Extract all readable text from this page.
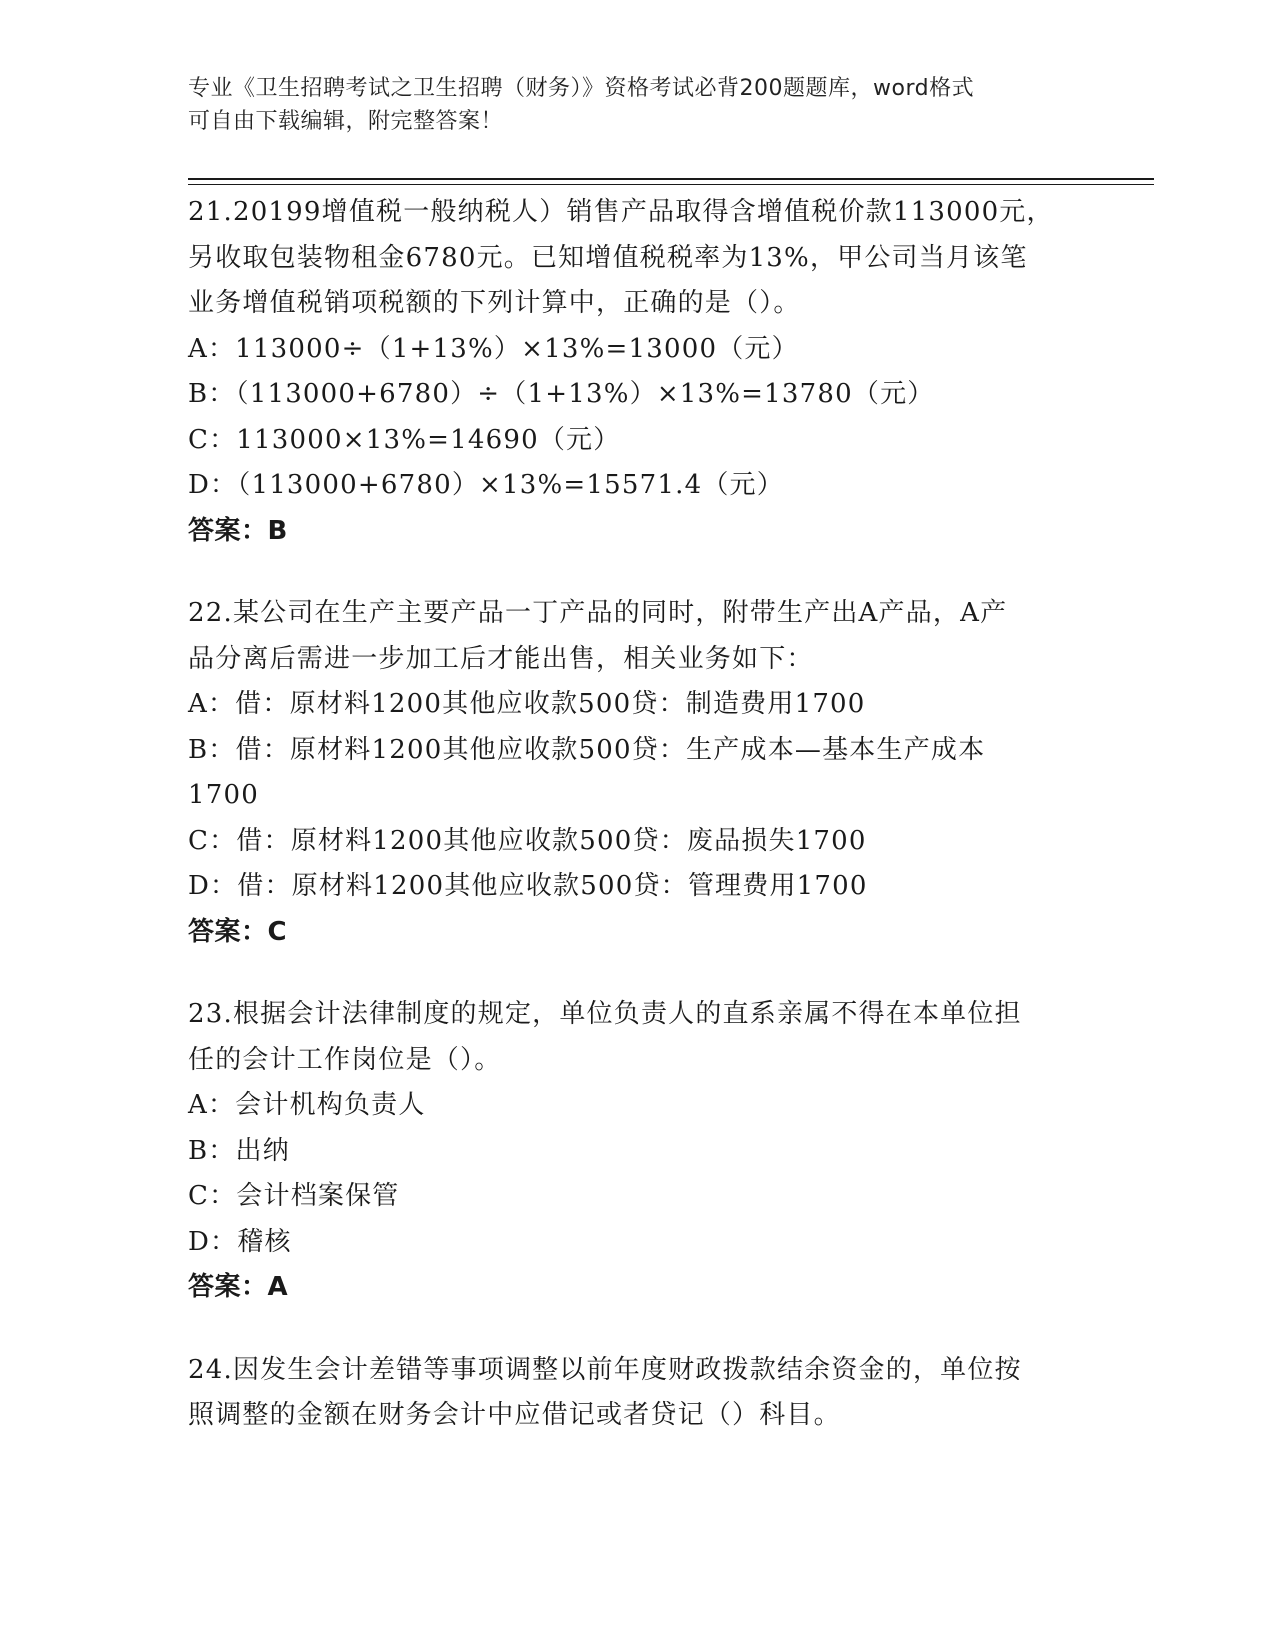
专业《卫生招聘考试之卫生招聘（财务）》资格考试必背200题题库，word格式
可自由下载编辑，附完整答案！
21.20199增值税一般纳税人）销售产品取得含增值税价款113000元，
另收取包装物租金6780元。已知增值税税率为13%，甲公司当月该笔
业务增值税销项税额的下列计算中，正确的是（）。
A：113000÷（1+13%）×13%=13000（元）
B：（113000+6780）÷（1+13%）×13%=13780（元）
C：113000×13%=14690（元）
D：（113000+6780）×13%=15571.4（元）
答案：B
22.某公司在生产主要产品一丁产品的同时，附带生产出A产品，A产
品分离后需进一步加工后才能出售，相关业务如下：
A：借：原材料1200其他应收款500贷：制造费用1700
B：借：原材料1200其他应收款500贷：生产成本—基本生产成本
1700
C：借：原材料1200其他应收款500贷：废品损失1700
D：借：原材料1200其他应收款500贷：管理费用1700
答案：C
23.根据会计法律制度的规定，单位负责人的直系亲属不得在本单位担
任的会计工作岗位是（）。
A：会计机构负责人
B：出纳
C：会计档案保管
D：稽核
答案：A
24.因发生会计差错等事项调整以前年度财政拨款结余资金的，单位按
照调整的金额在财务会计中应借记或者贷记（）科目。
